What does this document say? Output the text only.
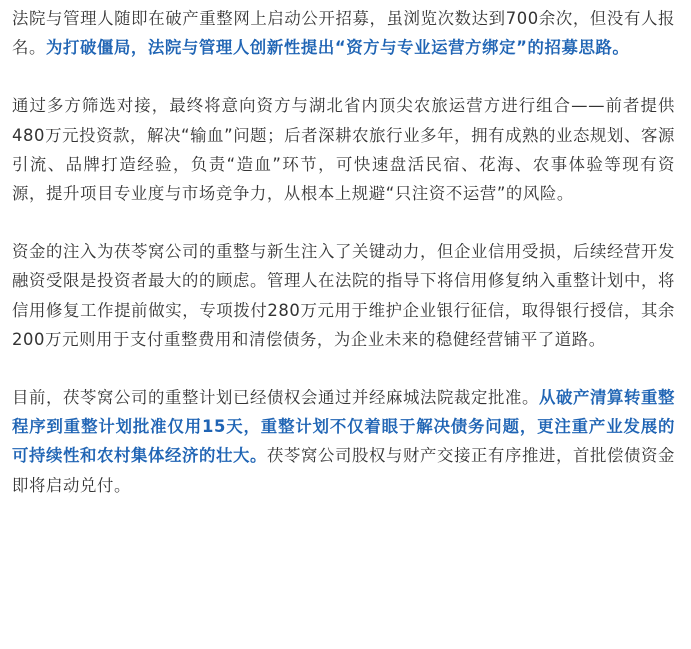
法院与管理人随即在破产重整网上启动公开招募，虽浏览次数达到700余次，但没有人报名。为打破僵局，法院与管理人创新性提出“资方与专业运营方绑定”的招募思路。

通过多方筛选对接，最终将意向资方与湖北省内顶尖农旅运营方进行组合——前者提供480万元投资款，解决“输血”问题；后者深耕农旅行业多年，拥有成熟的业态规划、客源引流、品牌打造经验，负责“造血”环节，可快速盘活民宿、花海、农事体验等现有资源，提升项目专业度与市场竞争力，从根本上规避“只注资不运营”的风险。

资金的注入为茯苓窝公司的重整与新生注入了关键动力，但企业信用受损，后续经营开发融资受限是投资者最大的的顾虑。管理人在法院的指导下将信用修复纳入重整计划中，将信用修复工作提前做实，专项拨付280万元用于维护企业银行征信，取得银行授信，其余200万元则用于支付重整费用和清偿债务，为企业未来的稳健经营铺平了道路。

目前，茯苓窝公司的重整计划已经债权会通过并经麻城法院裁定批准。从破产清算转重整程序到重整计划批准仅用15天，重整计划不仅着眼于解决债务问题，更注重产业发展的可持续性和农村集体经济的壮大。茯苓窝公司股权与财产交接正有序推进，首批偿债资金即将启动兑付。
